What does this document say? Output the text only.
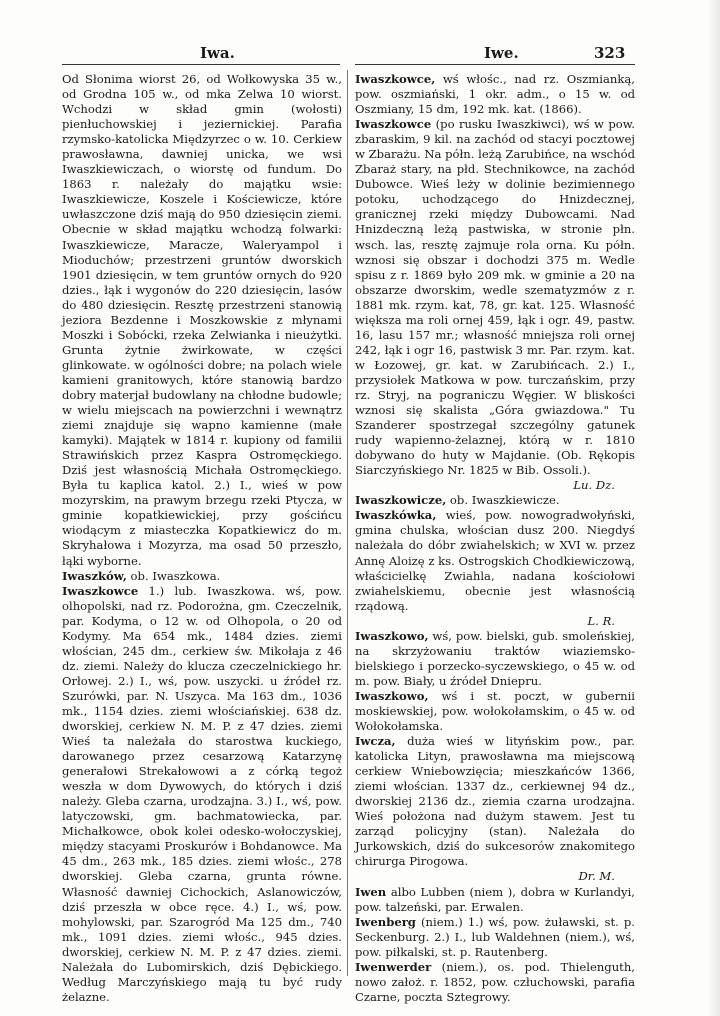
Iwa.	Iwe.	323

Od Słonima wiorst 26, od Wołkowyska 35 w., od Grodna 105 w., od mka Zelwa 10 wiorst. Wchodzi w skład gmin (wołosti) pienłuchowskiej i jeziernickiej. Parafia rzymsko-katolicka Międzyrzec o w. 10. Cerkiew prawosławna, dawniej unicka, we wsi Iwaszkiewiczach, o wiorstę od fundum. Do 1863 r. należały do majątku wsie: Iwaszkiewicze, Koszele i Kościewicze, które uwłaszczone dziś mają do 950 dziesięcin ziemi. Obecnie w skład majątku wchodzą folwarki: Iwaszkiewicze, Maracze, Waleryampol i Mioduchów; przestrzeni gruntów dworskich 1901 dziesięcin, w tem gruntów ornych do 920 dzies., łąk i wygonów do 220 dziesięcin, lasów do 480 dziesięcin. Resztę przestrzeni stanowią jeziora Bezdenne i Moszkowskie z młynami Moszki i Sobócki, rzeka Zelwianka i nieużytki. Grunta żytnie żwirkowate, w części glinkowate. w ogólności dobre; na polach wiele kamieni granitowych, które stanowią bardzo dobry materjał budowlany na chłodne budowle; w wielu miejscach na powierzchni i wewnątrz ziemi znajduje się wapno kamienne (małe kamyki). Majątek w 1814 r. kupiony od familii Strawińskich przez Kaspra Ostromęckiego. Dziś jest własnością Michała Ostromęckiego. Była tu kaplica katol. 2.) I., wieś w pow mozyrskim, na prawym brzegu rzeki Ptycza, w gminie kopatkiewickiej, przy gościńcu wiodącym z miasteczka Kopatkiewicz do m. Skryhałowa i Mozyrza, ma osad 50 przeszło, łąki wyborne.

Iwaszków, ob. Iwaszkowa.

Iwaszkowce 1.) lub. Iwaszkowa. wś, pow. olhopolski, nad rz. Podorożna, gm. Czeczelnik, par. Kodyma, o 12 w. od Olhopola, o 20 od Kodymy. Ma 654 mk., 1484 dzies. ziemi włościan, 245 dm., cerkiew św. Mikołaja z 46 dz. ziemi. Należy do klucza czeczelnickiego hr. Orłowej. 2.) I., wś, pow. uszycki. u źródeł rz. Szurówki, par. N. Uszyca. Ma 163 dm., 1036 mk., 1154 dzies. ziemi włościańskiej. 638 dz. dworskiej, cerkiew N. M. P. z 47 dzies. ziemi Wieś ta należała do starostwa kuckiego, darowanego przez cesarzową Katarzynę generałowi Strekałowowi a z córką tegoż weszła w dom Dywowych, do których i dziś należy. Gleba czarna, urodzajna. 3.) I., wś, pow. latyczowski, gm. bachmatowiecka, par. Michałkowce, obok kolei odesko-wołoczyskiej, między stacyami Proskurów i Bohdanowce. Ma 45 dm., 263 mk., 185 dzies. ziemi włośc., 278 dworskiej. Gleba czarna, grunta równe. Własność dawniej Cichockich, Aslanowiczów, dziś przeszła w obce ręce. 4.) I., wś, pow. mohylowski, par. Szarogród Ma 125 dm., 740 mk., 1091 dzies. ziemi włośc., 945 dzies. dworskiej, cerkiew N. M. P. z 47 dzies. ziemi. Należała do Lubomirskich, dziś Dębickiego. Według Marczyńskiego mają tu być rudy żelazne.

Iwaszkowce, wś włośc., nad rz. Oszmianką, pow. oszmiański, 1 okr. adm., o 15 w. od Oszmiany, 15 dm, 192 mk. kat. (1866).

Iwaszkowce (po rusku Iwaszkiwci), wś w pow. zbaraskim, 9 kil. na zachód od stacyi pocztowej w Zbarażu. Na półn. leżą Zarubińce, na wschód Zbaraż stary, na płd. Stechnikowce, na zachód Dubowce. Wieś leży w dolinie bezimiennego potoku, uchodzącego do Hnizdecznej, granicznej rzeki między Dubowcami. Nad Hnizdeczną leżą pastwiska, w stronie płn. wsch. las, resztę zajmuje rola orna. Ku półn. wznosi się obszar i dochodzi 375 m. Wedle spisu z r. 1869 było 209 mk. w gminie a 20 na obszarze dworskim, wedle szematyzmów z r. 1881 mk. rzym. kat, 78, gr. kat. 125. Własność większa ma roli ornej 459, łąk i ogr. 49, pastw. 16, lasu 157 mr.; własność mniejsza roli ornej 242, łąk i ogr 16, pastwisk 3 mr. Par. rzym. kat. w Łozowej, gr. kat. w Zarubińcach. 2.) I., przysiołek Matkowa w pow. turczańskim, przy rz. Stryj, na pograniczu Węgier. W bliskości wznosi się skalista „Góra gwiazdowa." Tu Szanderer spostrzegał szczególny gatunek rudy wapienno-żelaznej, którą w r. 1810 dobywano do huty w Majdanie. (Ob. Rękopis Siarczyńskiego Nr. 1825 w Bib. Ossoli.).
Lu. Dz.

Iwaszkowicze, ob. Iwaszkiewicze.

Iwaszkówka, wieś, pow. nowogradwołyński, gmina chulska, włościan dusz 200. Niegdyś należała do dóbr zwiahelskich; w XVI w. przez Annę Aloizę z ks. Ostrogskich Chodkiewiczową, właścicielkę Zwiahla, nadana kościołowi zwiahelskiemu, obecnie jest własnością rządową.
L. R.

Iwaszkowo, wś, pow. bielski, gub. smoleńskiej, na skrzyżowaniu traktów wiaziemsko-bielskiego i porzecko-syczewskiego, o 45 w. od m. pow. Biały, u źródeł Dniepru.

Iwaszkowo, wś i st. poczt, w gubernii moskiewskiej, pow. wołokołamskim, o 45 w. od Wołokołamska.

Iwcza, duża wieś w lityńskim pow., par. katolicka Lityn, prawosławna ma miejscową cerkiew Wniebowzięcia; mieszkańców 1366, ziemi włościan. 1337 dz., cerkiewnej 94 dz., dworskiej 2136 dz., ziemia czarna urodzajna. Wieś położona nad dużym stawem. Jest tu zarząd policyjny (stan). Należała do Jurkowskich, dziś do sukcesorów znakomitego chirurga Pirogowa.
Dr. M.

Iwen albo Lubben (niem ), dobra w Kurlandyi, pow. talzeński, par. Erwalen.

Iwenberg (niem.) 1.) wś, pow. żuławski, st. p. Seckenburg. 2.) I., lub Waldehnen (niem.), wś, pow. piłkalski, st. p. Rautenberg.

Iwenwerder (niem.), os. pod. Thielenguth, nowo założ. r. 1852, pow. człuchowski, parafia Czarne, poczta Sztegrowy.
